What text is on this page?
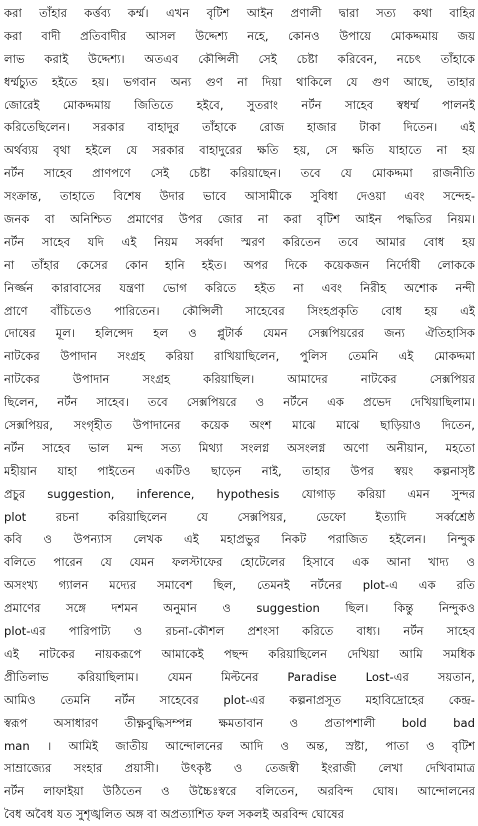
করা তাঁহার কর্ত্তব্য কর্ম্ম। এখন বৃটিশ আইন প্রণালী দ্বারা সত্য কথা বাহির
করা বাদী প্রতিবাদীর আসল উদ্দেশ্য নহে, কোনও উপায়ে মোকদ্দমায় জয়
লাভ করাই উদ্দেশ্য। অতএব কৌন্সিলী সেই চেষ্টা করিবেন, নচেৎ তাঁহাকে
ধর্ম্মচ্যুত হইতে হয়। ভগবান অন্য গুণ না দিয়া থাকিলে যে গুণ আছে, তাহার
জোরেই মোকদ্দমায় জিতিতে হইবে, সুতরাং নর্টন সাহেব স্বধর্ম্ম পালনই
করিতেছিলেন। সরকার বাহাদুর তাঁহাকে রোজ হাজার টাকা দিতেন। এই
অর্থব্যয় বৃথা হইলে যে সরকার বাহাদুরের ক্ষতি হয়, সে ক্ষতি যাহাতে না হয়
নর্টন সাহেব প্রাণপণে সেই চেষ্টা করিয়াছেন। তবে যে মোকদ্দমা রাজনীতি
সংক্রান্ত, তাহাতে বিশেষ উদার ভাবে আসামীকে সুবিধা দেওয়া এবং সন্দেহ-
জনক বা অনিশ্চিত প্রমাণের উপর জোর না করা বৃটিশ আইন পদ্ধতির নিয়ম।
নর্টন সাহেব যদি এই নিয়ম সর্ব্বদা স্মরণ করিতেন তবে আমার বোধ হয়
না তাঁহার কেসের কোন হানি হইত। অপর দিকে কয়েকজন নির্দোষী লোককে
নির্জ্জন কারাবাসের যন্ত্রণা ভোগ করিতে হইত না এবং নিরীহ অশোক নন্দী
প্রাণে বাঁচিতেও পারিতেন। কৌন্সিলী সাহেবের সিংহপ্রকৃতি বোধ হয় এই
দোষের মূল। হলিন্সেদ হল ও প্লুটার্ক যেমন সেক্সপিয়রের জন্য ঐতিহাসিক
নাটকের উপাদান সংগ্রহ করিয়া রাখিয়াছিলেন, পুলিস তেমনি এই মোকদ্দমা
নাটকের উপাদান সংগ্রহ করিয়াছিল। আমাদের নাটকের সেক্সপিয়র
ছিলেন, নর্টন সাহেব। তবে সেক্সপিয়রে ও নর্টনে এক প্রভেদ দেখিয়াছিলাম।
সেক্সপিয়র, সংগৃহীত উপাদানের কয়েক অংশ মাঝে মাঝে ছাড়িয়াও দিতেন,
নর্টন সাহেব ভাল মন্দ সত্য মিথ্যা সংলগ্ন অসংলগ্ন অণো অনীয়ান, মহতো
মহীয়ান যাহা পাইতেন একটিও ছাড়েন নাই, তাহার উপর স্বয়ং কল্পনাসৃষ্ট
প্রচুর suggestion, inference, hypothesis যোগাড় করিয়া এমন সুন্দর
plot রচনা করিয়াছিলেন যে সেক্সপিয়র, ডেফো ইত্যাদি সর্ব্বশ্রেষ্ঠ
কবি ও উপন্যাস লেখক এই মহাপ্রভুর নিকট পরাজিত হইলেন। নিন্দুক
বলিতে পারেন যে যেমন ফলস্টাফের হোটেলের হিসাবে এক আনা খাদ্য ও
অসংখ্য গ্যালন মদ্যের সমাবেশ ছিল, তেমনই নর্টনের plot-এ এক রতি
প্রমাণের সঙ্গে দশমন অনুমান ও suggestion ছিল। কিন্তু নিন্দুকও
plot-এর পারিপাট্য ও রচনা-কৌশল প্রশংসা করিতে বাধ্য। নর্টন সাহেব
এই নাটকের নায়করূপে আমাকেই পছন্দ করিয়াছিলেন দেখিয়া আমি সমধিক
প্রীতিলাভ করিয়াছিলাম। যেমন মিল্টনের Paradise Lost-এর সয়তান,
আমিও তেমনি নর্টন সাহেবের plot-এর কল্পনাপ্রসূত মহাবিদ্রোহের কেন্দ্র-
স্বরূপ অসাধারণ তীক্ষ্ণবুদ্ধিসম্পন্ন ক্ষমতাবান ও প্রতাপশালী bold bad
man । আমিই জাতীয় আন্দোলনের আদি ও অন্ত, স্রষ্টা, পাতা ও বৃটিশ
সাম্রাজ্যের সংহার প্রয়াসী। উৎকৃষ্ট ও তেজস্বী ইংরাজী লেখা দেখিবামাত্র
নর্টন লাফাইয়া উঠিতেন ও উচ্চৈঃস্বরে বলিতেন, অরবিন্দ ঘোষ। আন্দোলনের
বৈধ অবৈধ যত সুশৃঙ্খলিত অঙ্গ বা অপ্রত্যাশিত ফল সকলই অরবিন্দ ঘোষের
